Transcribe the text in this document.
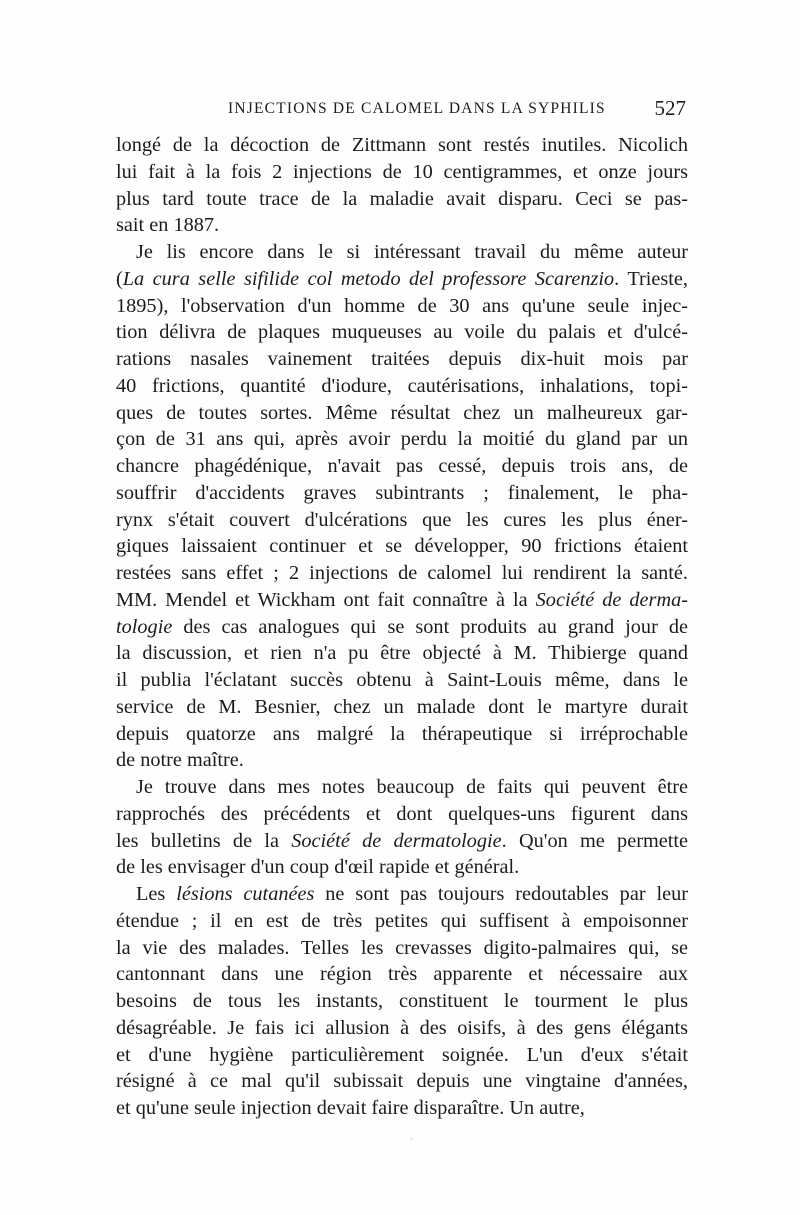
INJECTIONS DE CALOMEL DANS LA SYPHILIS 527
longé de la décoction de Zittmann sont restés inutiles. Nicolich
lui fait à la fois 2 injections de 10 centigrammes, et onze jours
plus tard toute trace de la maladie avait disparu. Ceci se pas-
sait en 1887.
Je lis encore dans le si intéressant travail du même auteur
(La cura selle sifilide col metodo del professore Scarenzio. Trieste,
1895), l'observation d'un homme de 30 ans qu'une seule injec-
tion délivra de plaques muqueuses au voile du palais et d'ulcé-
rations nasales vainement traitées depuis dix-huit mois par
40 frictions, quantité d'iodure, cautérisations, inhalations, topi-
ques de toutes sortes. Même résultat chez un malheureux gar-
çon de 31 ans qui, après avoir perdu la moitié du gland par un
chancre phagédénique, n'avait pas cessé, depuis trois ans, de
souffrir d'accidents graves subintrants ; finalement, le pha-
rynx s'était couvert d'ulcérations que les cures les plus éner-
giques laissaient continuer et se développer, 90 frictions étaient
restées sans effet ; 2 injections de calomel lui rendirent la santé.
MM. Mendel et Wickham ont fait connaître à la Société de derma-
tologie des cas analogues qui se sont produits au grand jour de
la discussion, et rien n'a pu être objecté à M. Thibierge quand
il publia l'éclatant succès obtenu à Saint-Louis même, dans le
service de M. Besnier, chez un malade dont le martyre durait
depuis quatorze ans malgré la thérapeutique si irréprochable
de notre maître.
Je trouve dans mes notes beaucoup de faits qui peuvent être
rapprochés des précédents et dont quelques-uns figurent dans
les bulletins de la Société de dermatologie. Qu'on me permette
de les envisager d'un coup d'œil rapide et général.
Les lésions cutanées ne sont pas toujours redoutables par leur
étendue ; il en est de très petites qui suffisent à empoisonner
la vie des malades. Telles les crevasses digito-palmaires qui, se
cantonnant dans une région très apparente et nécessaire aux
besoins de tous les instants, constituent le tourment le plus
désagréable. Je fais ici allusion à des oisifs, à des gens élégants
et d'une hygiène particulièrement soignée. L'un d'eux s'était
résigné à ce mal qu'il subissait depuis une vingtaine d'années,
et qu'une seule injection devait faire disparaître. Un autre,
ˎ
